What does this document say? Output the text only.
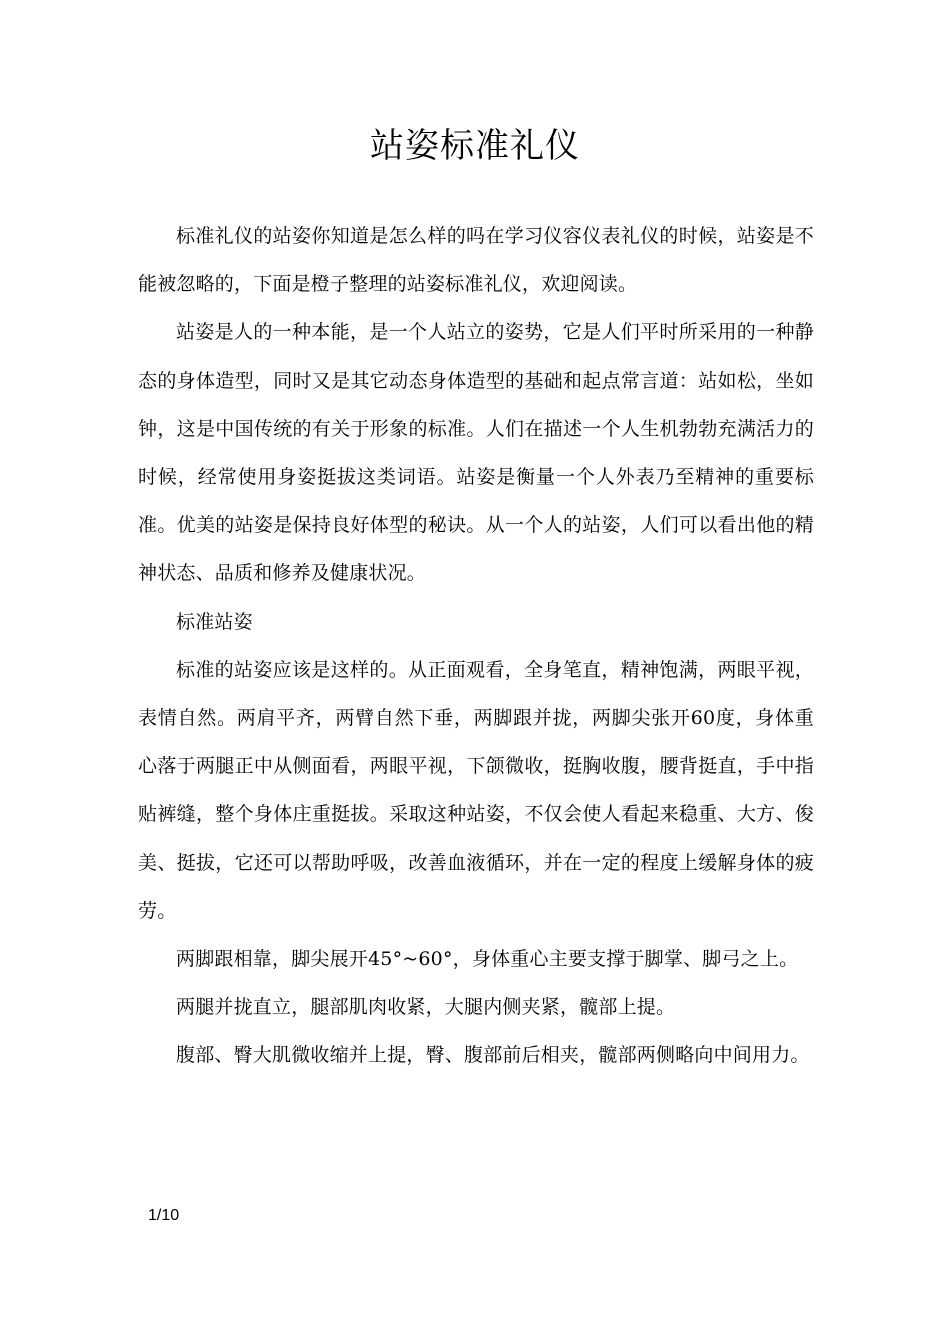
站姿标准礼仪

标准礼仪的站姿你知道是怎么样的吗在学习仪容仪表礼仪的时候，站姿是不能被忽略的，下面是橙子整理的站姿标准礼仪，欢迎阅读。

站姿是人的一种本能，是一个人站立的姿势，它是人们平时所采用的一种静态的身体造型，同时又是其它动态身体造型的基础和起点常言道：站如松，坐如钟，这是中国传统的有关于形象的标准。人们在描述一个人生机勃勃充满活力的时候，经常使用身姿挺拔这类词语。站姿是衡量一个人外表乃至精神的重要标准。优美的站姿是保持良好体型的秘诀。从一个人的站姿，人们可以看出他的精神状态、品质和修养及健康状况。

标准站姿

标准的站姿应该是这样的。从正面观看，全身笔直，精神饱满，两眼平视，表情自然。两肩平齐，两臂自然下垂，两脚跟并拢，两脚尖张开60度，身体重心落于两腿正中从侧面看，两眼平视，下颌微收，挺胸收腹，腰背挺直，手中指贴裤缝，整个身体庄重挺拔。采取这种站姿，不仅会使人看起来稳重、大方、俊美、挺拔，它还可以帮助呼吸，改善血液循环，并在一定的程度上缓解身体的疲劳。

两脚跟相靠，脚尖展开45°~60°，身体重心主要支撑于脚掌、脚弓之上。

两腿并拢直立，腿部肌肉收紧，大腿内侧夹紧，髋部上提。

腹部、臀大肌微收缩并上提，臀、腹部前后相夹，髋部两侧略向中间用力。

1/10
